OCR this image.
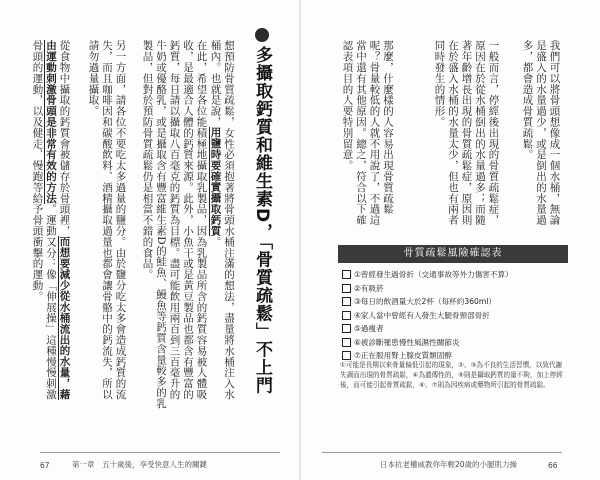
多攝取鈣質和維生素D，「骨質疏鬆」不上門
想預防骨質疏鬆，女性必須抱著將骨頭水桶注滿的想法，盡量將水桶注入水桶內。也就是說，用鹽時要確實攝取鈣質。
在此，希望各位能積極地攝取乳製品，因為乳製品所含的鈣質容易被人體吸收，是最適合人體的鈣質來源。此外，小魚干或是黃豆製品也都含有豐富的鈣質，每日請以攝取八百毫克的鈣質為目標。盡可能飲用兩百到三百毫升的牛奶或優酪乳，或是攝取含有豐富維生素D的鮭魚、鰻魚等鈣質含量較多的乳製品，但對於預防骨質疏鬆仍是相當不錯的食品。
另一方面，請各位不要吃太多過量的鹽分。由於鹽分吃太多會造成鈣質的流失，而且咖啡因和碳酸飲料、酒精攝取過量也都會讓骨骼中的鈣流失，所以請勿過量攝取。
從食物中攝取的鈣質會被儲存於骨頭裡，而想要減少從水桶流出的水量，藉由運動刺激骨頭是非常有效的方法。運動又分：像「伸展操」這種慢慢刺激骨頭的運動，以及健走、慢跑等給予骨頭衝擊的運動。
67	第一章　五十歲後，享受快意人生的關鍵
我們可以將骨頭想像成一個水桶，無論是盛入的水量過少，或是倒出的水量過多，都會造成骨質疏鬆。
一般而言，停經後出現的骨質疏鬆症，原因在於從水桶倒出的水量過多；而隨著年齡增長出現的骨質疏鬆症，原因則在於盛入水桶的水量太少，但也有兩者同時發生的情形。
那麼，什麼樣的人容易出現骨質疏鬆呢？骨量較低的人就不用說了，不過這當中還有其他原因。總之，符合以下確認表項目的人要特別留意。
骨質疏鬆風險確認表
①曾經發生過骨折（交通事故等外力傷害不算）
②有吸菸
③每日的飲酒量大於2杯（每杯約360ml）
④家人當中曾經有人發生大腿骨頸部骨折
⑤過瘦者
⑥被診斷罹患慢性風濕性關節炎
⑦正在服用腎上腺皮質類固醇
①可能是長期以來骨量偏低引起的現象，②、③為不良的生活習慣，以致代謝失調而出現的骨質疏鬆，④為遺傳性的，⑤則是攝取鈣質的量不夠，加上停經後，而可能引起骨質疏鬆，⑥、⑦則為因疾病或藥物所引起的骨質疏鬆。
日本抗老權威教你年輕20歲的小腿肌力操	66
